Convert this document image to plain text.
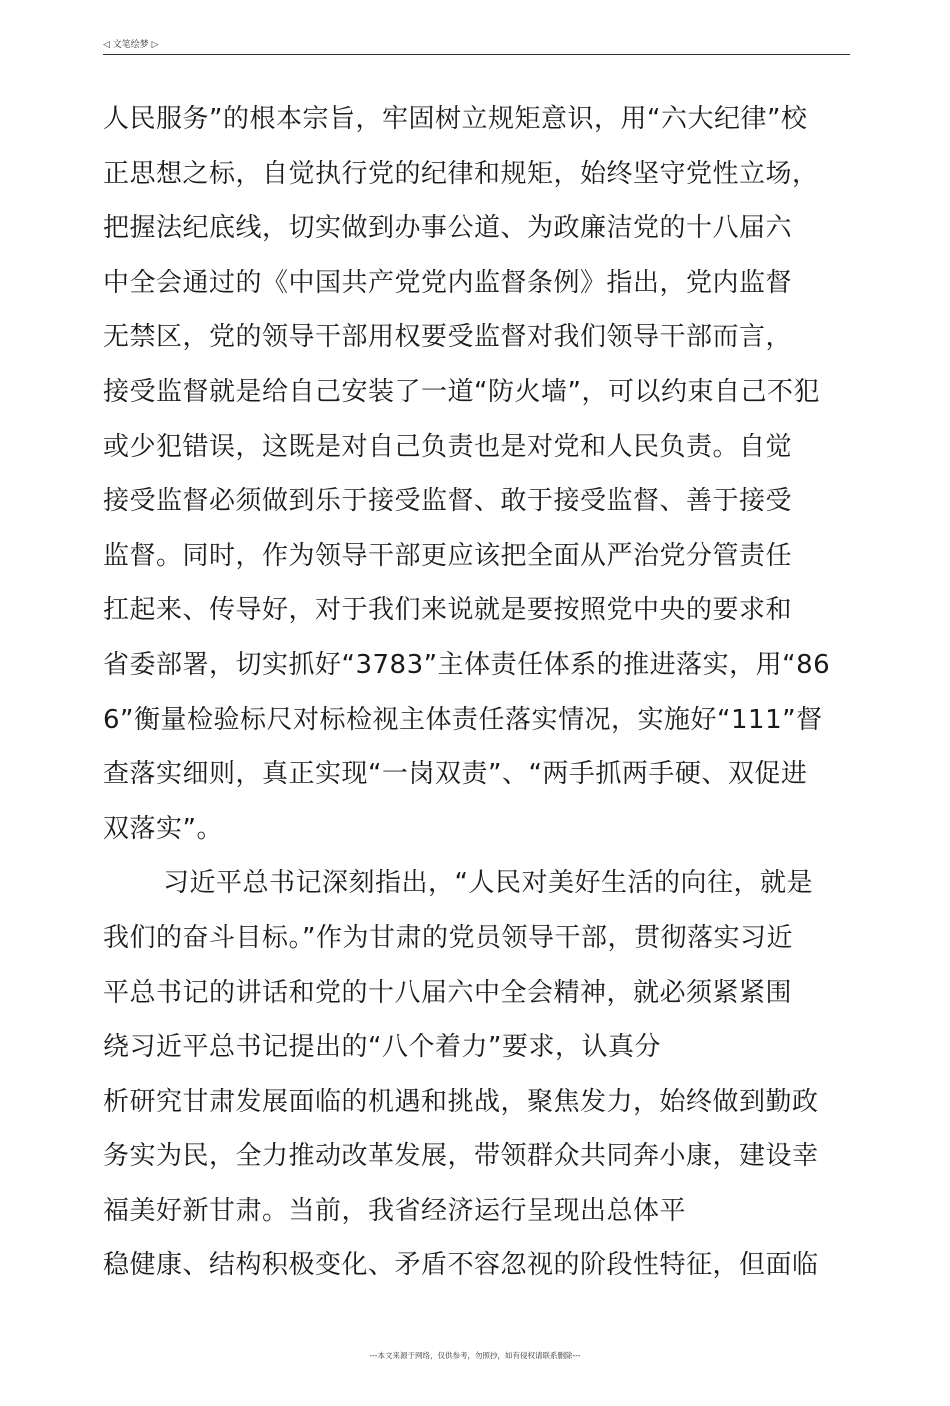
◁ 文笔绘梦 ▷
人民服务”的根本宗旨，牢固树立规矩意识，用“六大纪律”校
正思想之标，自觉执行党的纪律和规矩，始终坚守党性立场，
把握法纪底线，切实做到办事公道、为政廉洁党的十八届六
中全会通过的《中国共产党党内监督条例》指出，党内监督
无禁区，党的领导干部用权要受监督对我们领导干部而言，
接受监督就是给自己安装了一道“防火墙”，可以约束自己不犯
或少犯错误，这既是对自己负责也是对党和人民负责。自觉
接受监督必须做到乐于接受监督、敢于接受监督、善于接受
监督。同时，作为领导干部更应该把全面从严治党分管责任
扛起来、传导好，对于我们来说就是要按照党中央的要求和
省委部署，切实抓好“3783”主体责任体系的推进落实，用“86
6”衡量检验标尺对标检视主体责任落实情况，实施好“111”督
查落实细则，真正实现“一岗双责”、“两手抓两手硬、双促进
双落实”。
习近平总书记深刻指出，“人民对美好生活的向往，就是
我们的奋斗目标。”作为甘肃的党员领导干部，贯彻落实习近
平总书记的讲话和党的十八届六中全会精神，就必须紧紧围
绕习近平总书记提出的“八个着力”要求，认真分
析研究甘肃发展面临的机遇和挑战，聚焦发力，始终做到勤政
务实为民，全力推动改革发展，带领群众共同奔小康，建设幸
福美好新甘肃。当前，我省经济运行呈现出总体平
稳健康、结构积极变化、矛盾不容忽视的阶段性特征，但面临
---本文来源于网络，仅供参考，勿照抄，如有侵权请联系删除---
